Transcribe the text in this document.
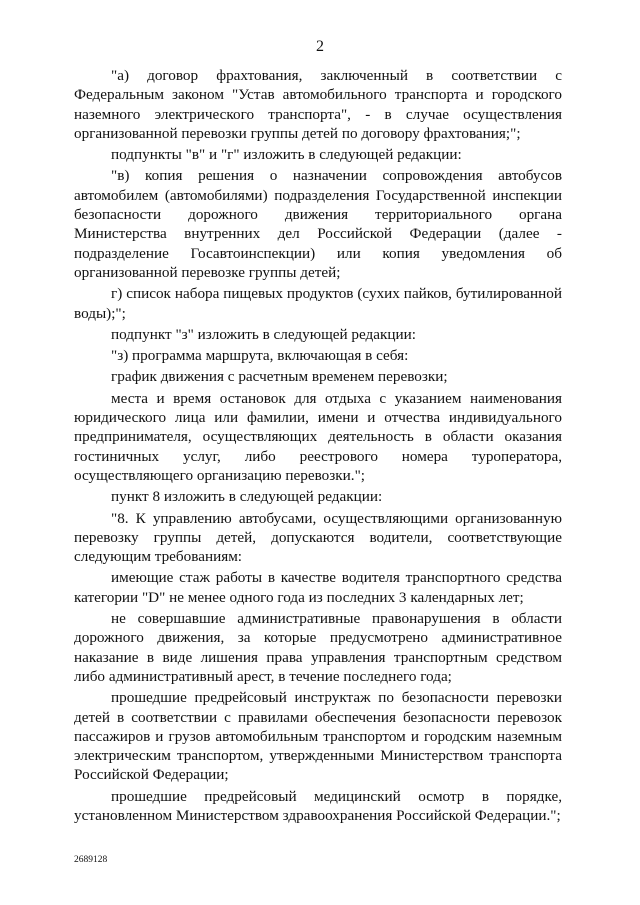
2

"а) договор фрахтования, заключенный в соответствии с Федеральным законом "Устав автомобильного транспорта и городского наземного электрического транспорта", - в случае осуществления организованной перевозки группы детей по договору фрахтования;";

подпункты "в" и "г" изложить в следующей редакции:

"в) копия решения о назначении сопровождения автобусов автомобилем (автомобилями) подразделения Государственной инспекции безопасности дорожного движения территориального органа Министерства внутренних дел Российской Федерации (далее - подразделение Госавтоинспекции) или копия уведомления об организованной перевозке группы детей;

г) список набора пищевых продуктов (сухих пайков, бутилированной воды);";

подпункт "з" изложить в следующей редакции:

"з) программа маршрута, включающая в себя:

график движения с расчетным временем перевозки;

места и время остановок для отдыха с указанием наименования юридического лица или фамилии, имени и отчества индивидуального предпринимателя, осуществляющих деятельность в области оказания гостиничных услуг, либо реестрового номера туроператора, осуществляющего организацию перевозки.";

пункт 8 изложить в следующей редакции:

"8. К управлению автобусами, осуществляющими организованную перевозку группы детей, допускаются водители, соответствующие следующим требованиям:

имеющие стаж работы в качестве водителя транспортного средства категории "D" не менее одного года из последних 3 календарных лет;

не совершавшие административные правонарушения в области дорожного движения, за которые предусмотрено административное наказание в виде лишения права управления транспортным средством либо административный арест, в течение последнего года;

прошедшие предрейсовый инструктаж по безопасности перевозки детей в соответствии с правилами обеспечения безопасности перевозок пассажиров и грузов автомобильным транспортом и городским наземным электрическим транспортом, утвержденными Министерством транспорта Российской Федерации;

прошедшие предрейсовый медицинский осмотр в порядке, установленном Министерством здравоохранения Российской Федерации.";

2689128
